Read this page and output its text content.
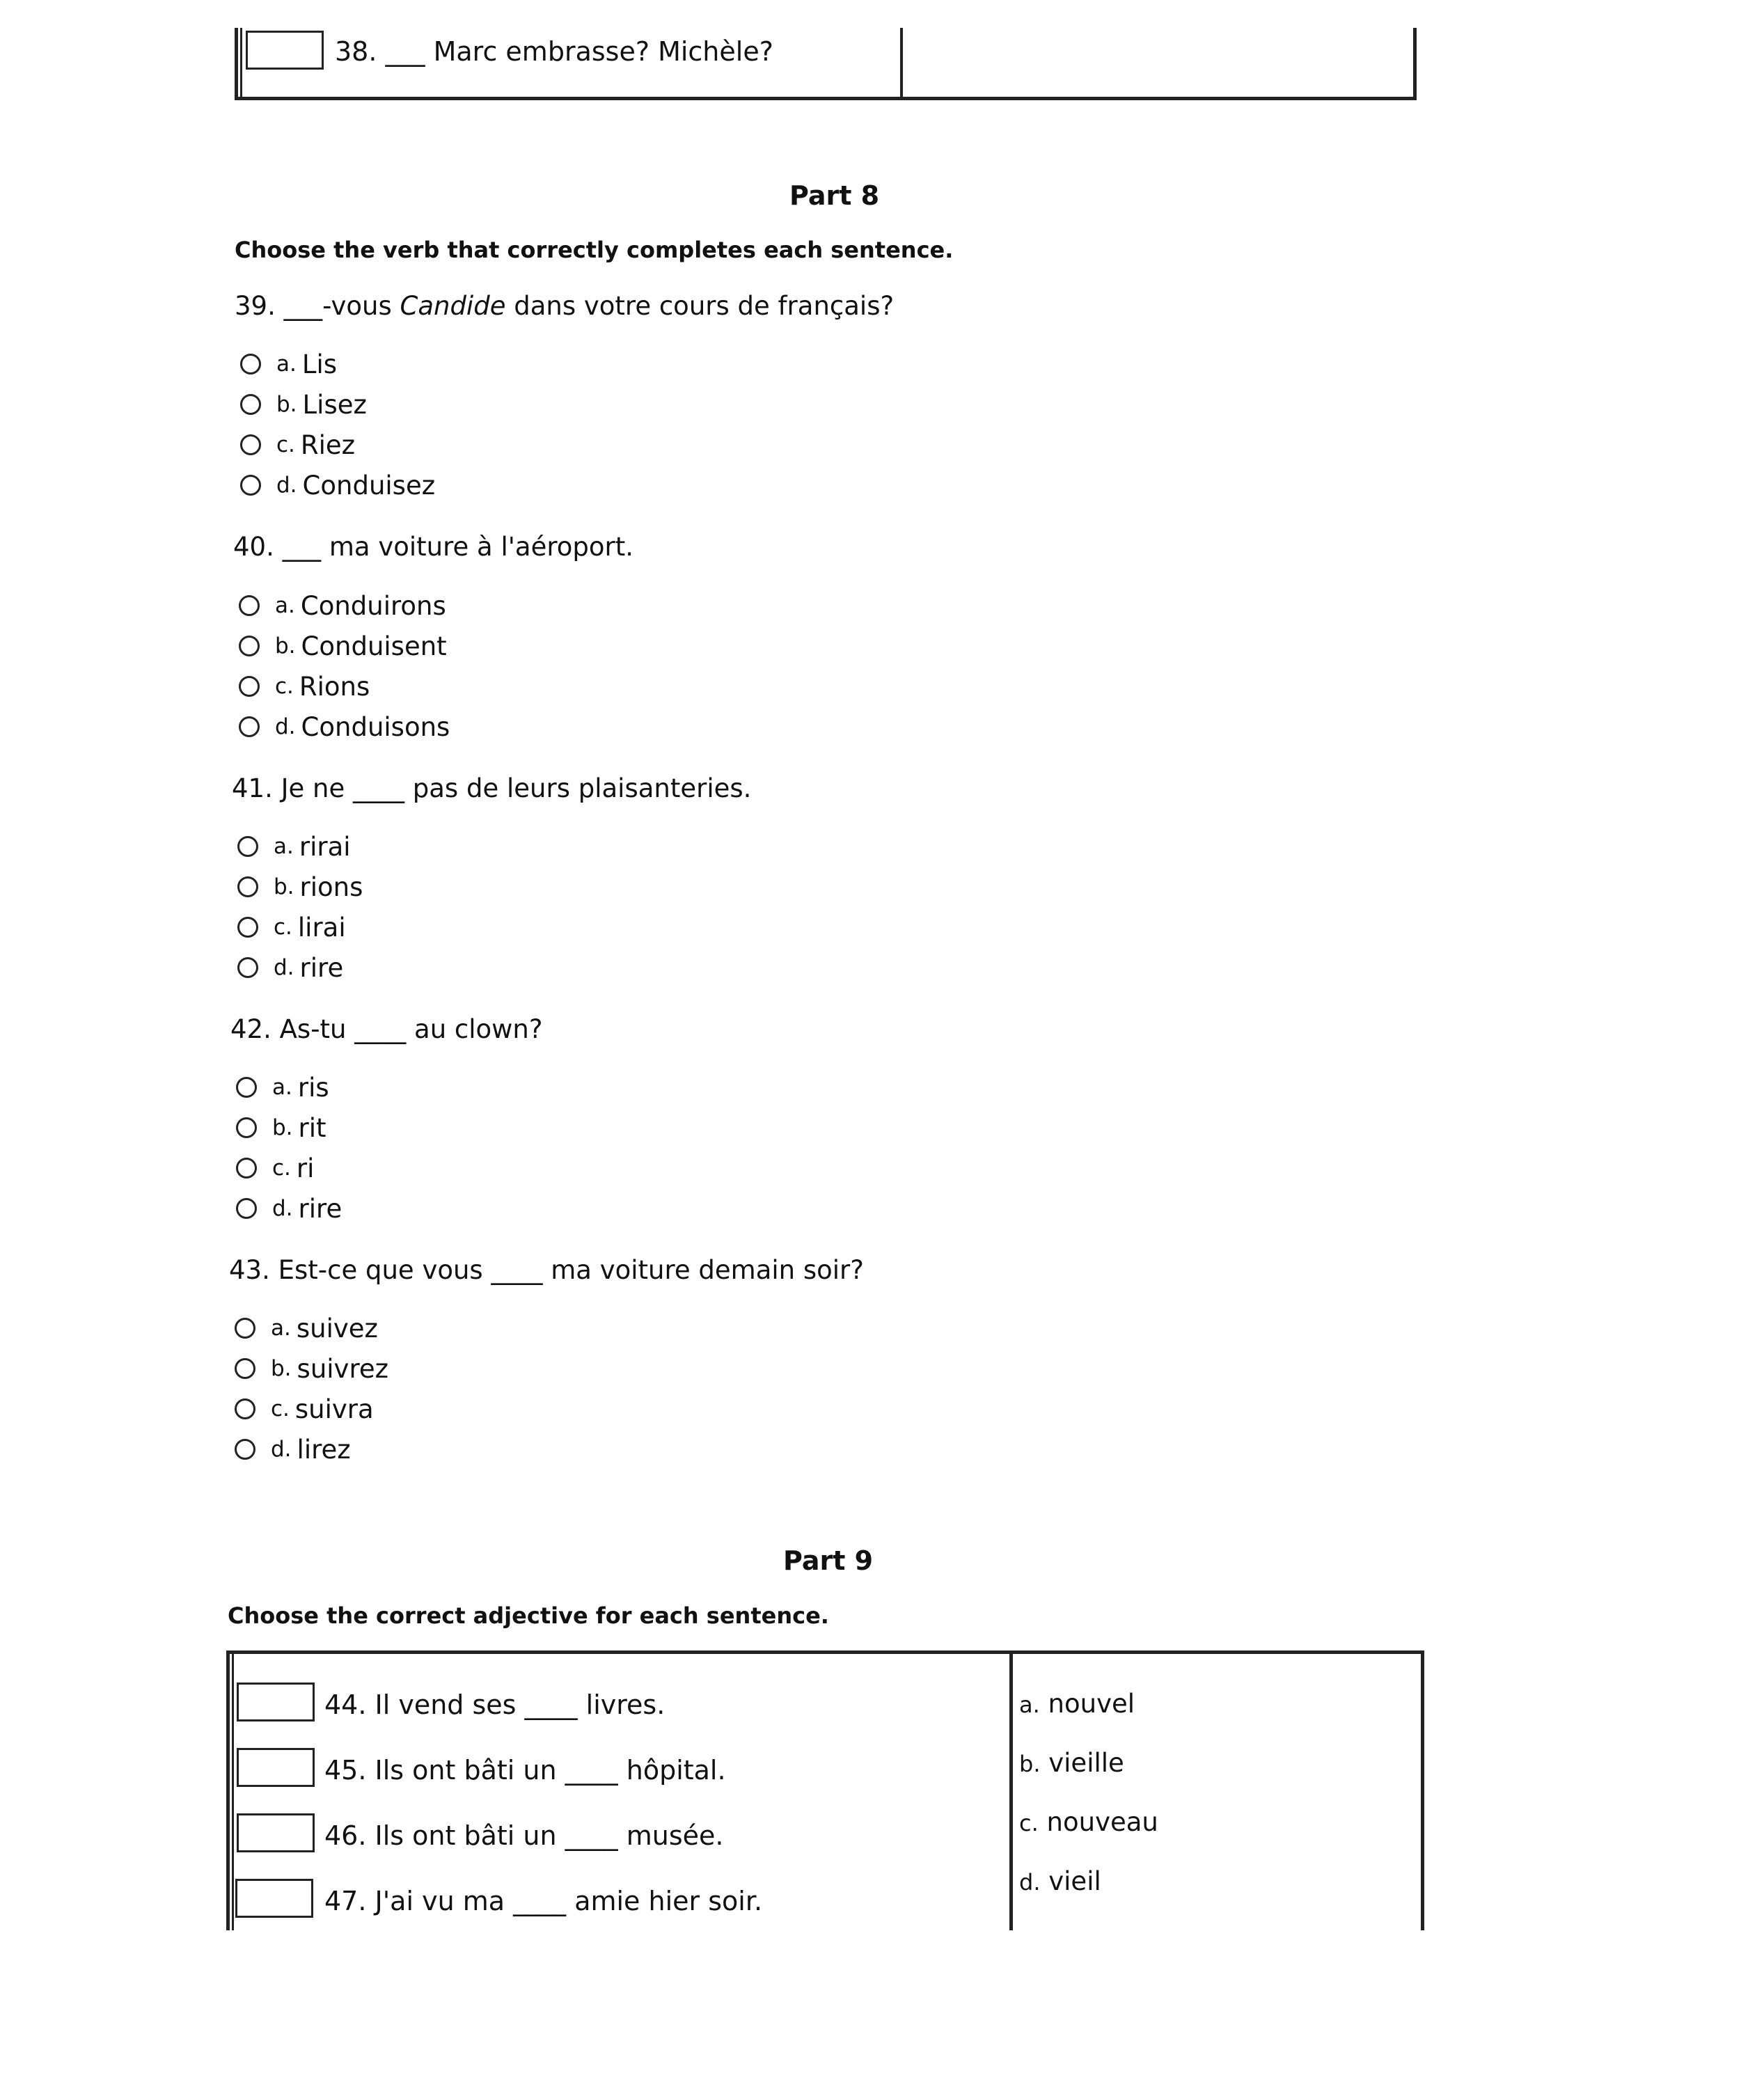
38. ___ Marc embrasse? Michèle?
Part 8
Choose the verb that correctly completes each sentence.
39. ___-vous Candide dans votre cours de français?
a. Lis
b. Lisez
c. Riez
d. Conduisez
40. ___ ma voiture à l'aéroport.
a. Conduirons
b. Conduisent
c. Rions
d. Conduisons
41. Je ne ____ pas de leurs plaisanteries.
a. rirai
b. rions
c. lirai
d. rire
42. As-tu ____ au clown?
a. ris
b. rit
c. ri
d. rire
43. Est-ce que vous ____ ma voiture demain soir?
a. suivez
b. suivrez
c. suivra
d. lirez
Part 9
Choose the correct adjective for each sentence.
44. Il vend ses ____ livres.
45. Ils ont bâti un ____ hôpital.
46. Ils ont bâti un ____ musée.
47. J'ai vu ma ____ amie hier soir.
a. nouvel
b. vieille
c. nouveau
d. vieil
